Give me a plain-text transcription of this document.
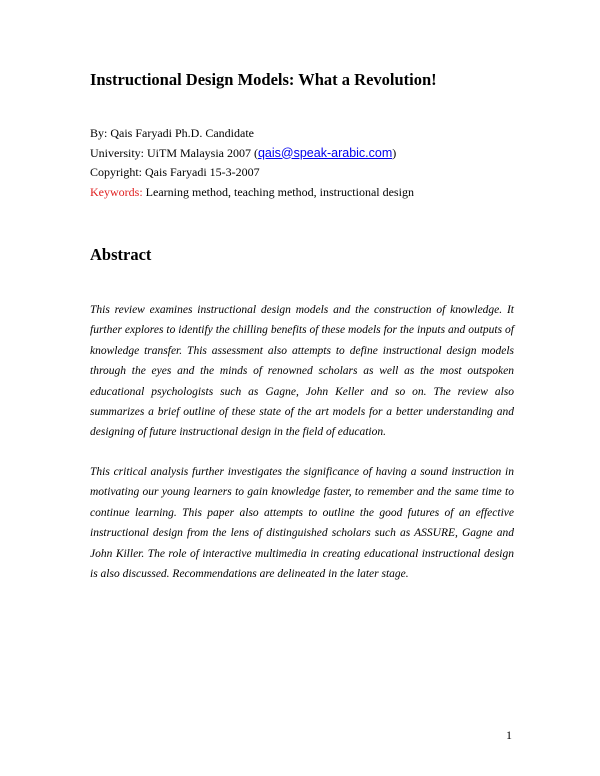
Instructional Design Models: What a Revolution!
By: Qais Faryadi Ph.D. Candidate
University: UiTM Malaysia 2007 (qais@speak-arabic.com)
Copyright: Qais Faryadi 15-3-2007
Keywords: Learning method, teaching method, instructional design
Abstract

This review examines instructional design models and the construction of knowledge. It further explores to identify the chilling benefits of these models for the inputs and outputs of knowledge transfer. This assessment also attempts to define instructional design models through the eyes and the minds of renowned scholars as well as the most outspoken educational psychologists such as Gagne, John Keller and so on. The review also summarizes a brief outline of these state of the art models for a better understanding and designing of future instructional design in the field of education.

This critical analysis further investigates the significance of having a sound instruction in motivating our young learners to gain knowledge faster, to remember and the same time to continue learning. This paper also attempts to outline the good futures of an effective instructional design from the lens of distinguished scholars such as ASSURE, Gagne and John Killer. The role of interactive multimedia in creating educational instructional design is also discussed. Recommendations are delineated in the later stage.

1
